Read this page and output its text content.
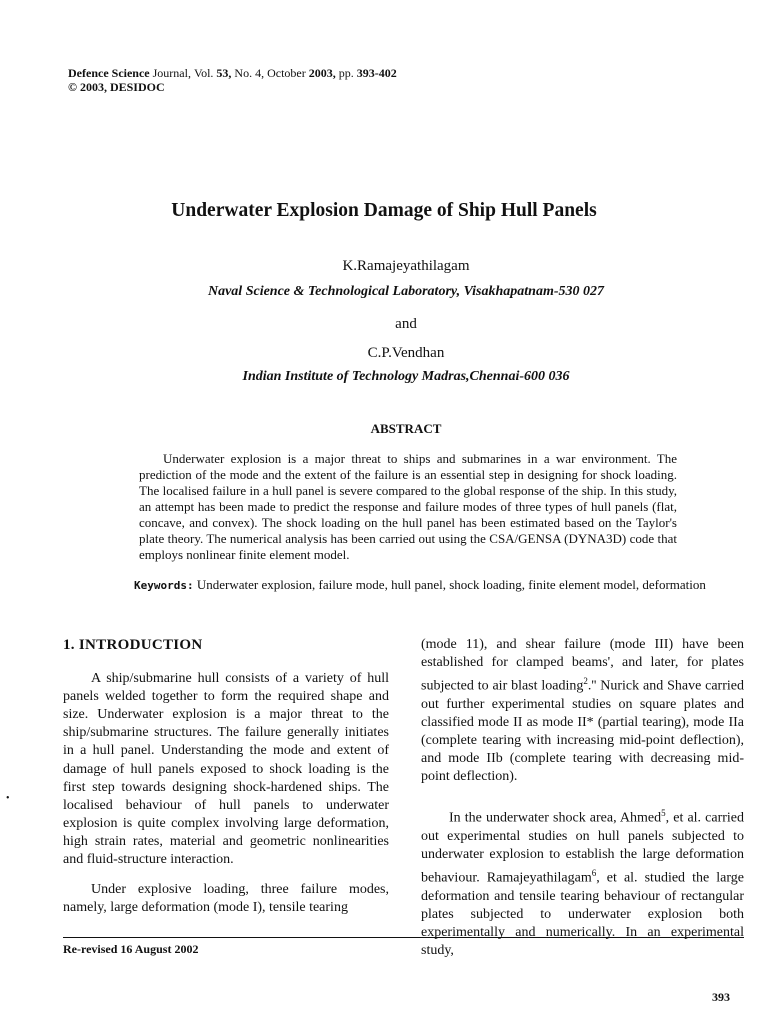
Defence Science Journal, Vol. 53, No. 4, October 2003, pp. 393-402
© 2003, DESIDOC
Underwater Explosion Damage of Ship Hull Panels
K.Ramajeyathilagam
Naval Science & Technological Laboratory, Visakhapatnam-530 027
and
C.P.Vendhan
Indian Institute of Technology Madras,Chennai-600 036
ABSTRACT
Underwater explosion is a major threat to ships and submarines in a war environment. The prediction of the mode and the extent of the failure is an essential step in designing for shock loading. The localised failure in a hull panel is severe compared to the global response of the ship. In this study, an attempt has been made to predict the response and failure modes of three types of hull panels (flat, concave, and convex). The shock loading on the hull panel has been estimated based on the Taylor's plate theory. The numerical analysis has been carried out using the CSA/GENSA (DYNA3D) code that employs nonlinear finite element model.
Keywords: Underwater explosion, failure mode, hull panel, shock loading, finite element model, deformation

1. INTRODUCTION

A ship/submarine hull consists of a variety of hull panels welded together to form the required shape and size. Underwater explosion is a major threat to the ship/submarine structures. The failure generally initiates in a hull panel. Understanding the mode and extent of damage of hull panels exposed to shock loading is the first step towards designing shock-hardened ships. The localised behaviour of hull panels to underwater explosion is quite complex involving large deformation, high strain rates, material and geometric nonlinearities and fluid-structure interaction.

Under explosive loading, three failure modes, namely, large deformation (mode I), tensile tearing

(mode 11), and shear failure (mode III) have been established for clamped beams', and later, for plates subjected to air blast loading$^2$.'' Nurick and Shave carried out further experimental studies on square plates and classified mode II as mode II* (partial tearing), mode IIa (complete tearing with increasing mid-point deflection), and mode IIb (complete tearing with decreasing mid-point deflection).

In the underwater shock area, Ahmed$^5$, et al. carried out experimental studies on hull panels subjected to underwater explosion to establish the large deformation behaviour. Ramajeyathilagam$^6$, et al. studied the large deformation and tensile tearing behaviour of rectangular plates subjected to underwater explosion both experimentally and numerically. In an experimental study,

•
Re-revised 16 August 2002
393
